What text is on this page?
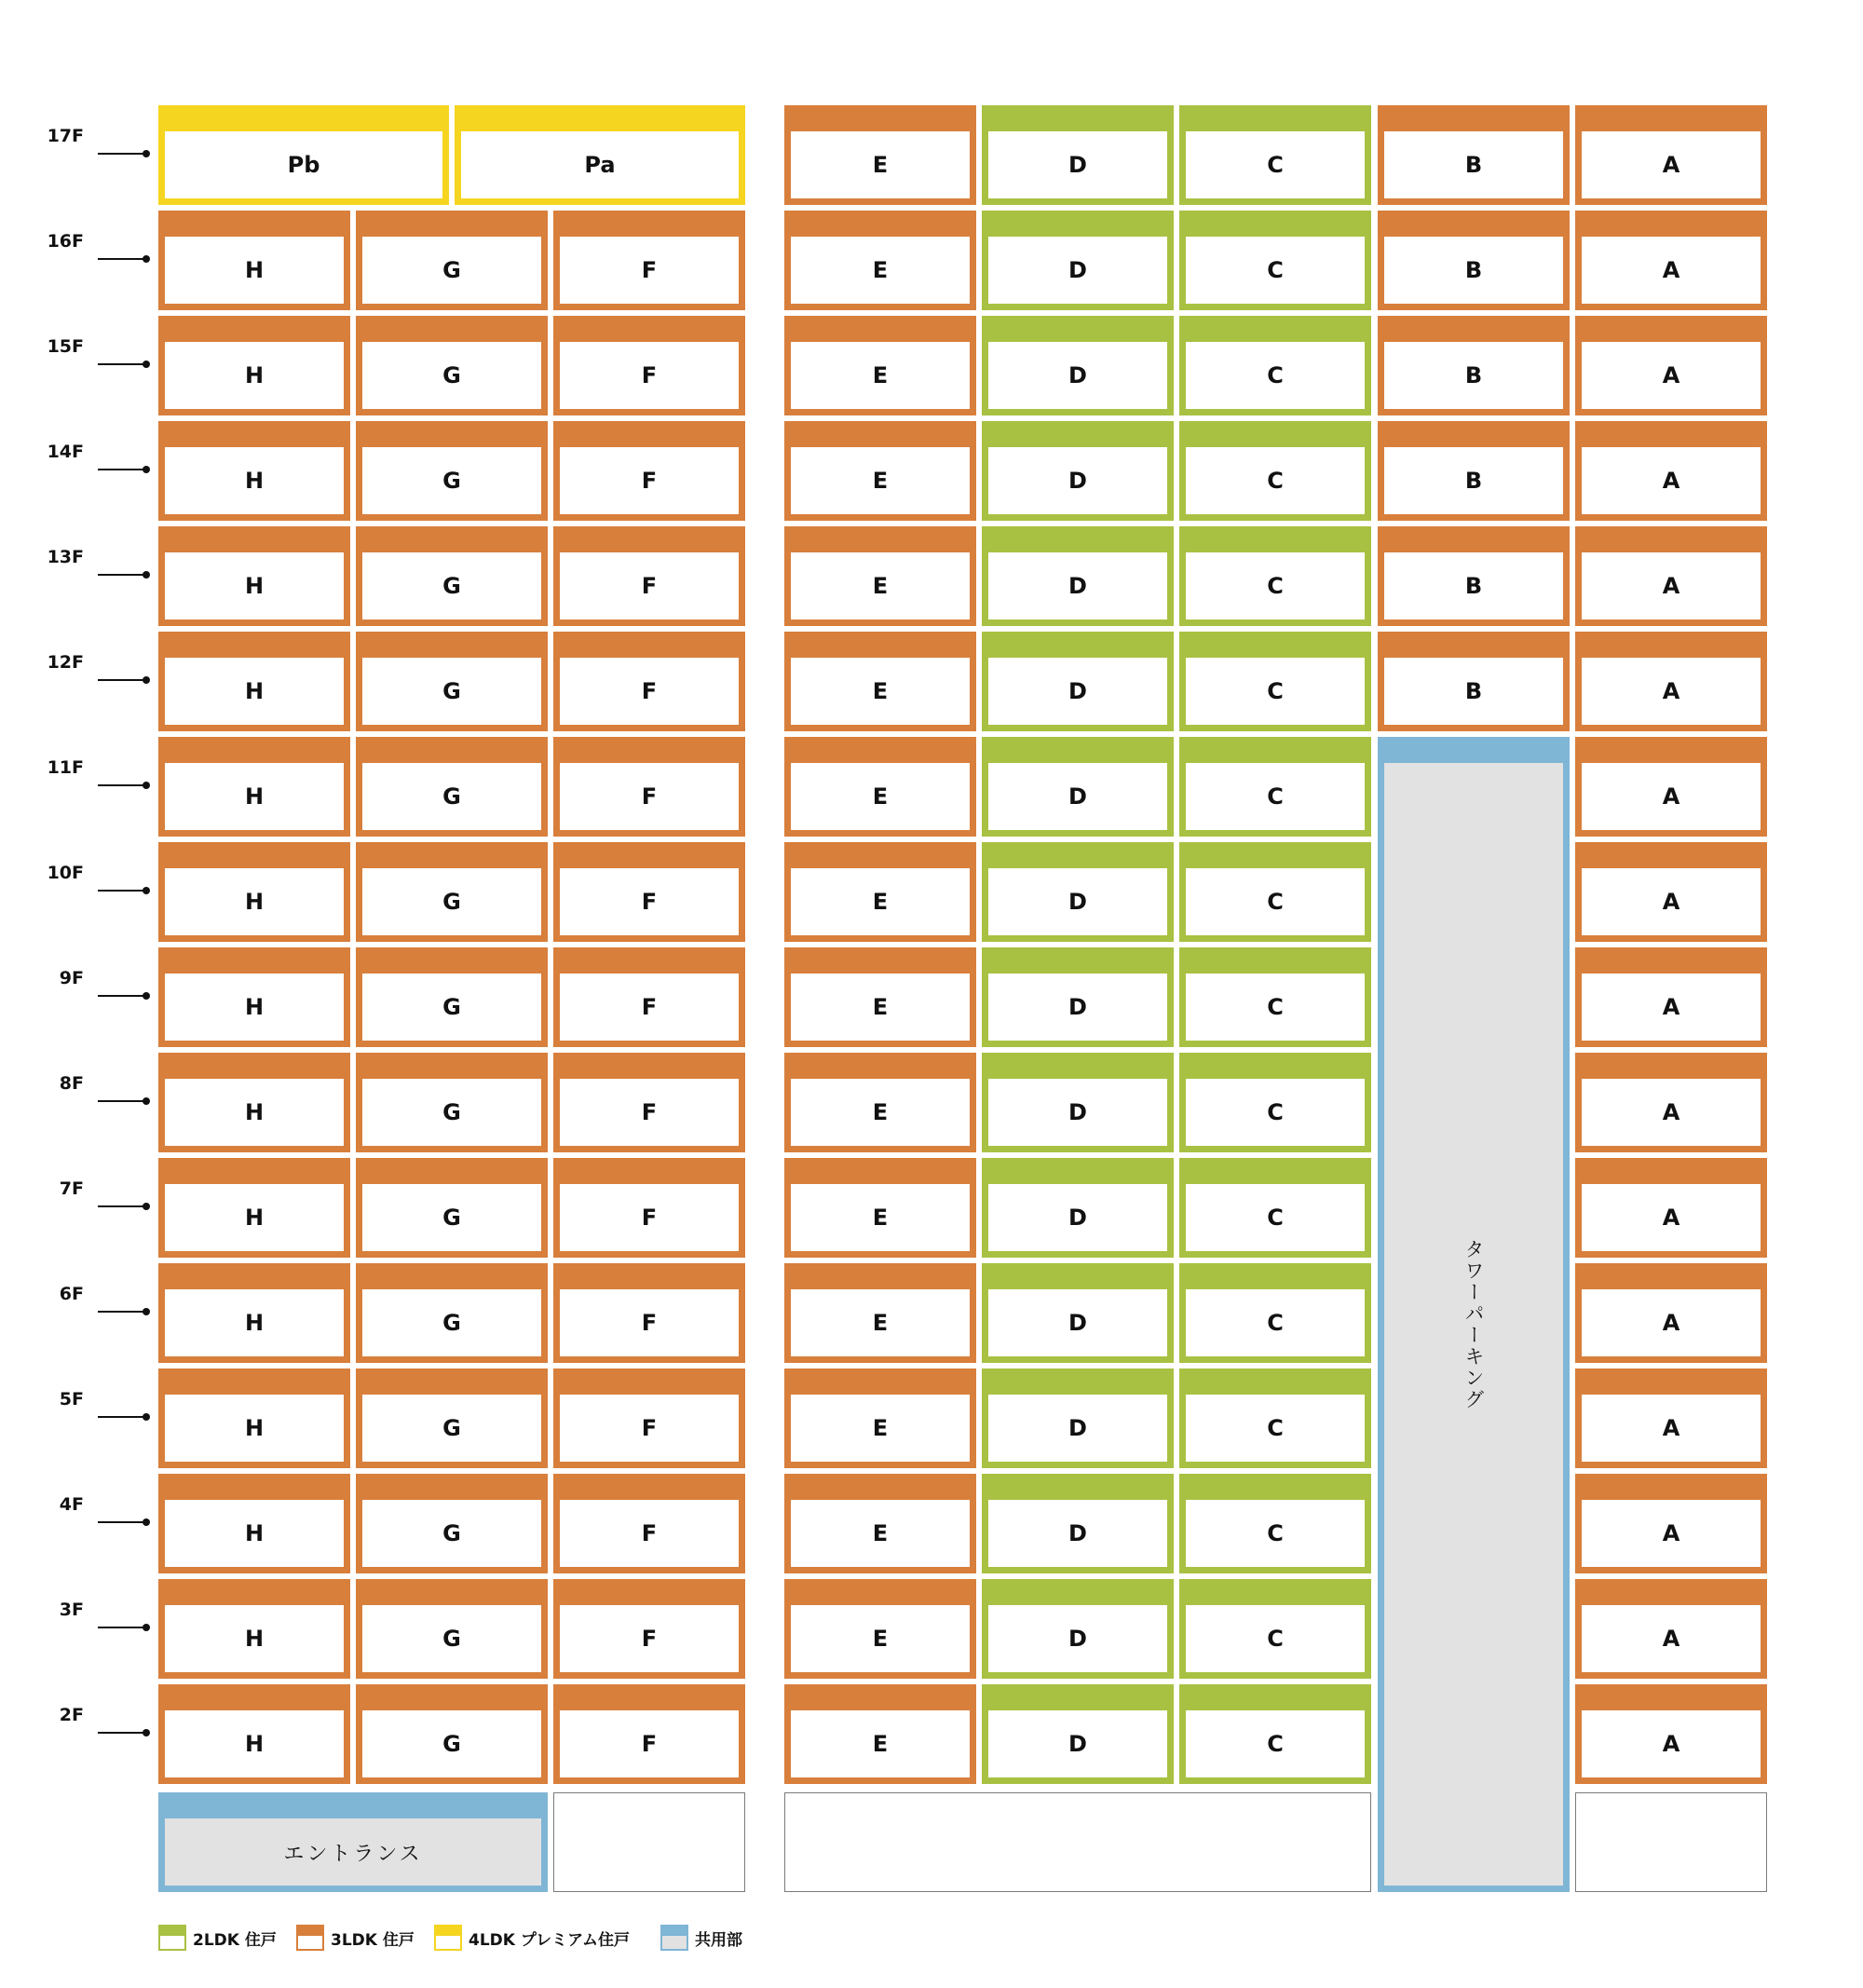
17F
Pb	Pa	E	D	C	B	A
16F
H	G	F	E	D	C	B	A
15F
H	G	F	E	D	C	B	A
14F
H	G	F	E	D	C	B	A
13F
H	G	F	E	D	C	B	A
12F
H	G	F	E	D	C	B	A
11F
H	G	F	E	D	C	A
10F
H	G	F	E	D	C	A
9F
H	G	F	E	D	C	A
8F
H	G	F	E	D	C	A
7F
H	G	F	E	D	C	A
6F
H	G	F	E	D	C	A
5F
H	G	F	E	D	C	A
4F
H	G	F	E	D	C	A
3F
H	G	F	E	D	C	A
2F
H	G	F	E	D	C	A
タワーパーキング
エントランス
2LDK 住戸	3LDK 住戸	4LDK プレミアム住戸	共用部
